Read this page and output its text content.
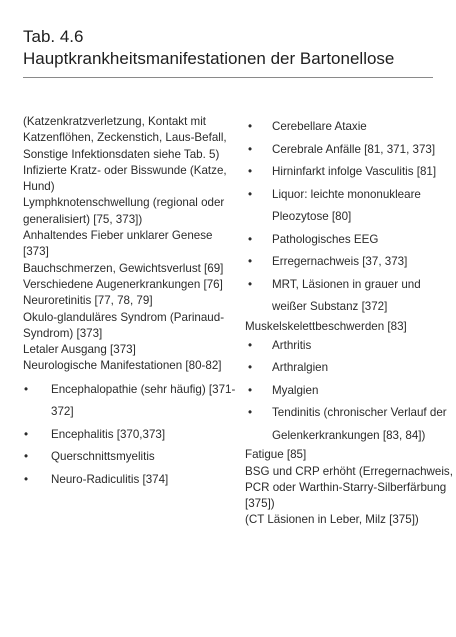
Tab. 4.6
Hauptkrankheitsmanifestationen der Bartonellose

(Katzenkratzverletzung, Kontakt mit Katzenflöhen, Zeckenstich, Laus-Befall, Sonstige Infektionsdaten siehe Tab. 5)

Infizierte Kratz- oder Bisswunde (Katze, Hund)

Lymphknotenschwellung (regional oder generalisiert) [75, 373])

Anhaltendes Fieber unklarer Genese [373]

Bauchschmerzen, Gewichtsverlust [69]

Verschiedene Augenerkrankungen [76]

Neuroretinitis [77, 78, 79]

Okulo-glanduläres Syndrom (Parinaud-Syndrom) [373]

Letaler Ausgang [373]

Neurologische Manifestationen [80-82]

• Encephalopathie (sehr häufig) [371-372]
• Encephalitis [370,373]
• Querschnittsmyelitis
• Neuro-Radiculitis [374]
• Cerebellare Ataxie
• Cerebrale Anfälle [81, 371, 373]
• Hirninfarkt infolge Vasculitis [81]
• Liquor: leichte mononukleare Pleozytose [80]
• Pathologisches EEG
• Erregernachweis [37, 373]
• MRT, Läsionen in grauer und weißer Substanz [372]

Muskelskelettbeschwerden [83]

• Arthritis
• Arthralgien
• Myalgien
• Tendinitis (chronischer Verlauf der Gelenkerkrankungen [83, 84])

Fatigue [85]

BSG und CRP erhöht (Erregernachweis, PCR oder Warthin-Starry-Silberfärbung [375])

(CT Läsionen in Leber, Milz [375])
